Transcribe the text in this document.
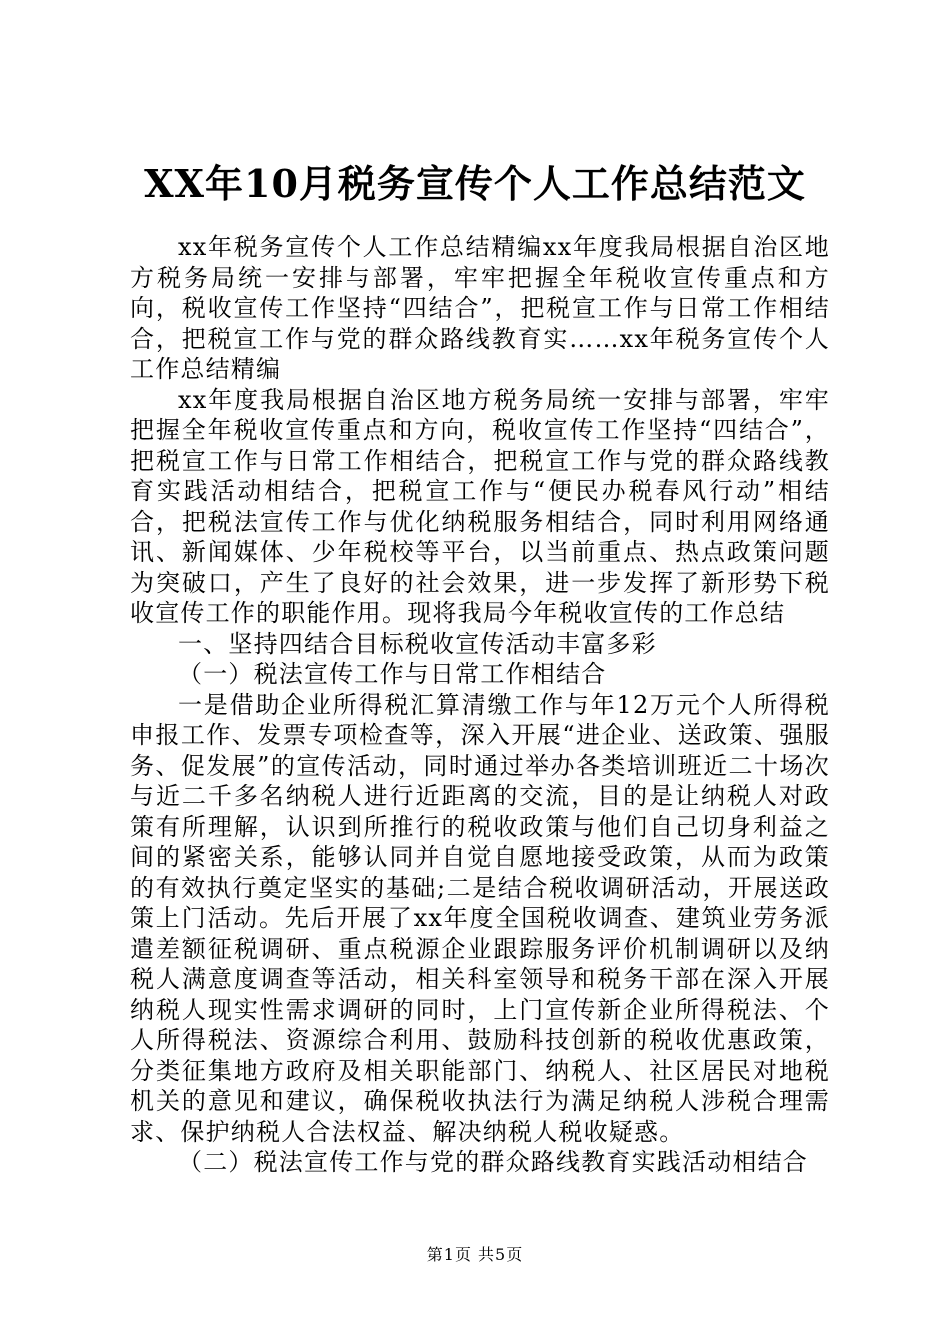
XX年10月税务宣传个人工作总结范文

xx年税务宣传个人工作总结精编xx年度我局根据自治区地方税务局统一安排与部署，牢牢把握全年税收宣传重点和方向，税收宣传工作坚持“四结合”，把税宣工作与日常工作相结合，把税宣工作与党的群众路线教育实……xx年税务宣传个人工作总结精编

xx年度我局根据自治区地方税务局统一安排与部署，牢牢把握全年税收宣传重点和方向，税收宣传工作坚持“四结合”，把税宣工作与日常工作相结合，把税宣工作与党的群众路线教育实践活动相结合，把税宣工作与“便民办税春风行动”相结合，把税法宣传工作与优化纳税服务相结合，同时利用网络通讯、新闻媒体、少年税校等平台，以当前重点、热点政策问题为突破口，产生了良好的社会效果，进一步发挥了新形势下税收宣传工作的职能作用。现将我局今年税收宣传的工作总结

一、坚持四结合目标税收宣传活动丰富多彩

（一）税法宣传工作与日常工作相结合

一是借助企业所得税汇算清缴工作与年12万元个人所得税申报工作、发票专项检查等，深入开展“进企业、送政策、强服务、促发展”的宣传活动，同时通过举办各类培训班近二十场次与近二千多名纳税人进行近距离的交流，目的是让纳税人对政策有所理解，认识到所推行的税收政策与他们自己切身利益之间的紧密关系，能够认同并自觉自愿地接受政策，从而为政策的有效执行奠定坚实的基础;二是结合税收调研活动，开展送政策上门活动。先后开展了xx年度全国税收调查、建筑业劳务派遣差额征税调研、重点税源企业跟踪服务评价机制调研以及纳税人满意度调查等活动，相关科室领导和税务干部在深入开展纳税人现实性需求调研的同时，上门宣传新企业所得税法、个人所得税法、资源综合利用、鼓励科技创新的税收优惠政策，分类征集地方政府及相关职能部门、纳税人、社区居民对地税机关的意见和建议，确保税收执法行为满足纳税人涉税合理需求、保护纳税人合法权益、解决纳税人税收疑惑。

（二）税法宣传工作与党的群众路线教育实践活动相结合

第1页 共5页
